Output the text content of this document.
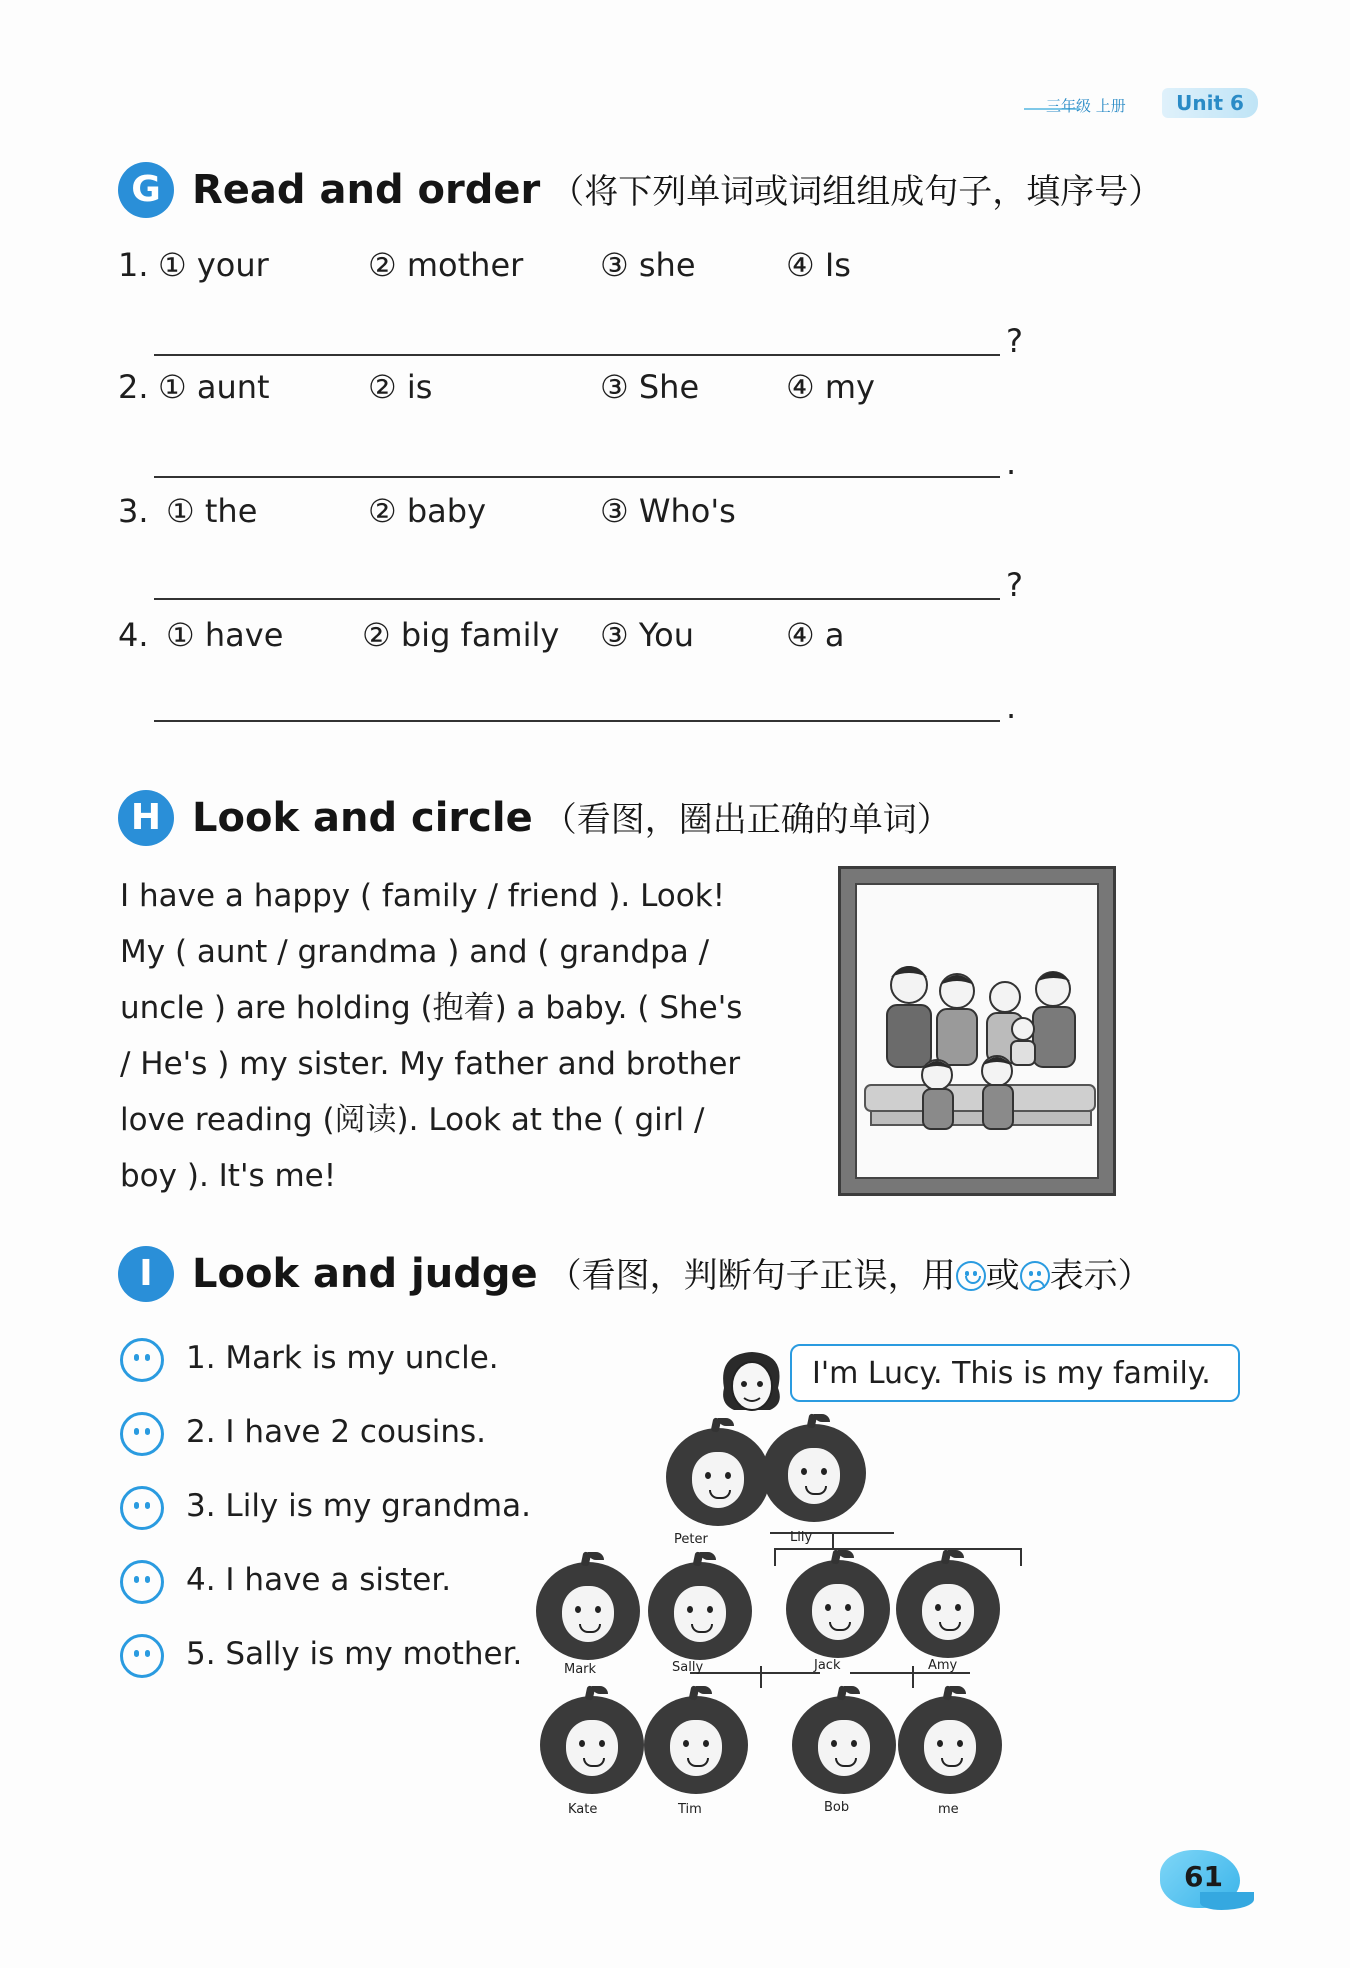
三年级 上册	Unit 6
G Read and order （将下列单词或词组组成句子，填序号）
1. ① your	② mother ③ she	④ Is
?
2. ① aunt	② is	③ She	④ my
.
3. ① the	② baby	③ Who's
?
4. ① have ② big family ③ You	④ a
.
H Look and circle （看图，圈出正确的单词）

I have a happy ( family / friend ). Look!

My ( aunt / grandma ) and ( grandpa /

uncle ) are holding (抱着) a baby. ( She's

/ He's ) my sister. My father and brother

love reading (阅读). Look at the ( girl /

boy ). It's me!

I Look and judge （看图，判断句子正误，用 或 表示）
1. Mark is my uncle.
2. I have 2 cousins.
3. Lily is my grandma.
4. I have a sister.
5. Sally is my mother.
I'm Lucy. This is my family.
Peter	Lily
Mark	Sally	Jack	Amy
Kate	Tim	Bob	me
61
